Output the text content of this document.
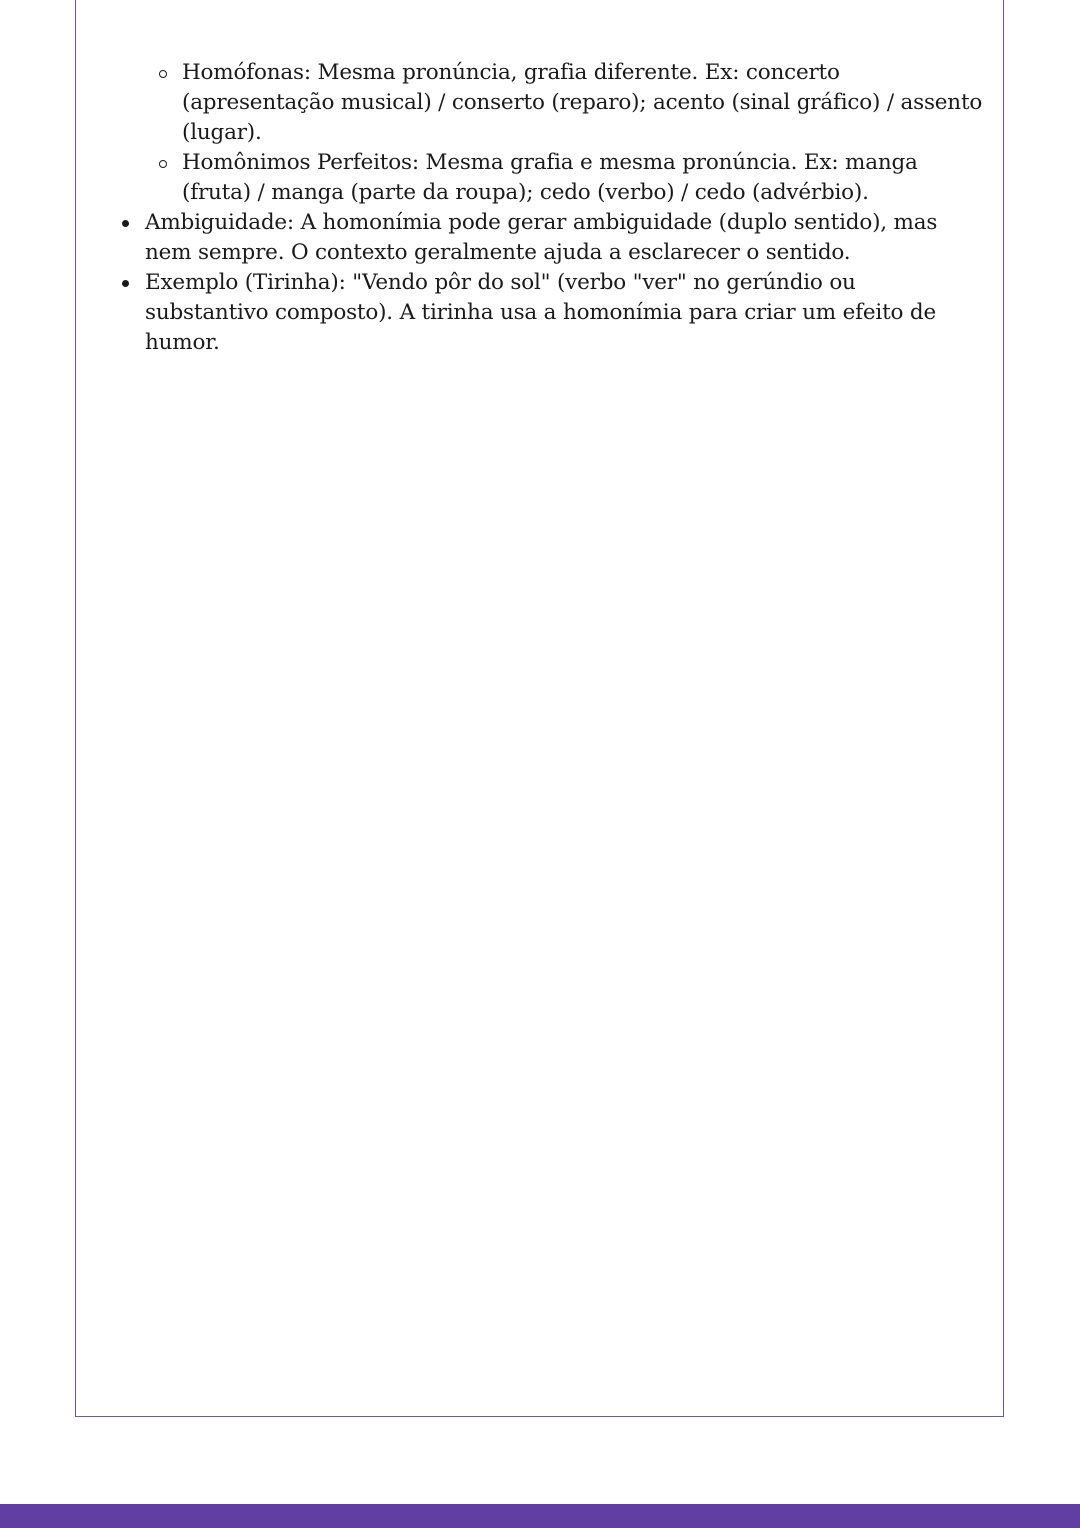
Homófonas: Mesma pronúncia, grafia diferente. Ex: concerto (apresentação musical) / conserto (reparo); acento (sinal gráfico) / assento (lugar).
Homônimos Perfeitos: Mesma grafia e mesma pronúncia. Ex: manga (fruta) / manga (parte da roupa); cedo (verbo) / cedo (advérbio).
Ambiguidade: A homonímia pode gerar ambiguidade (duplo sentido), mas nem sempre. O contexto geralmente ajuda a esclarecer o sentido.
Exemplo (Tirinha): "Vendo pôr do sol" (verbo "ver" no gerúndio ou substantivo composto). A tirinha usa a homonímia para criar um efeito de humor.
